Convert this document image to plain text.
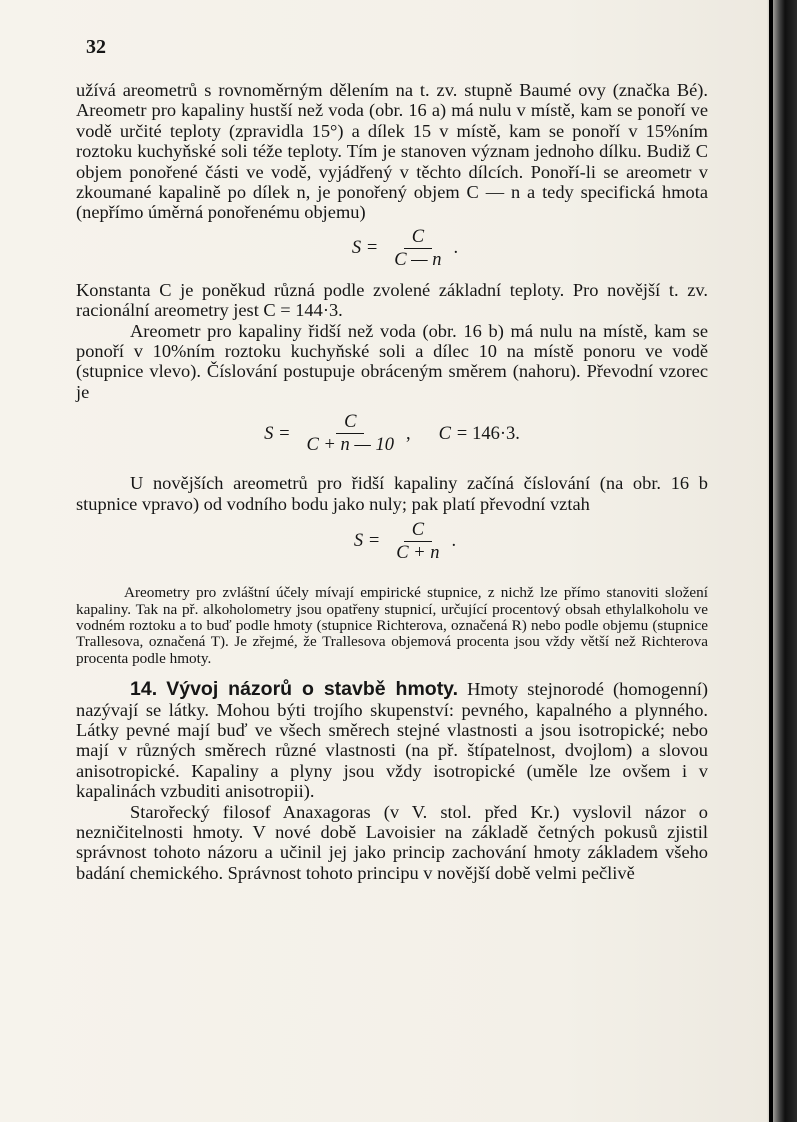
32

užívá areometrů s rovnoměrným dělením na t. zv. stupně Baumé ovy (značka Bé). Areometr pro kapaliny hustší než voda (obr. 16 a) má nulu v místě, kam se ponoří ve vodě určité teploty (zpravidla 15°) a dílek 15 v místě, kam se ponoří v 15%ním roztoku kuchyňské soli téže teploty. Tím je stanoven význam jednoho dílku. Budiž C objem ponořené části ve vodě, vyjádřený v těchto dílcích. Ponoří-li se areometr v zkoumané kapalině po dílek n, je ponořený objem C — n a tedy specifická hmota (nepřímo úměrná ponořenému objemu)

$S = \frac{C}{C — n}$ .

Konstanta C je poněkud různá podle zvolené základní teploty. Pro novější t. zv. racionální areometry jest C = 144·3.

Areometr pro kapaliny řidší než voda (obr. 16 b) má nulu na místě, kam se ponoří v 10%ním roztoku kuchyňské soli a dílec 10 na místě ponoru ve vodě (stupnice vlevo). Číslování postupuje obráceným směrem (nahoru). Převodní vzorec je

$S = \frac{C}{C + n — 10}$ , C = 146·3.

U novějších areometrů pro řidší kapaliny začíná číslování (na obr. 16 b stupnice vpravo) od vodního bodu jako nuly; pak platí převodní vztah

$S = \frac{C}{C + n}$ .

Areometry pro zvláštní účely mívají empirické stupnice, z nichž lze přímo stanoviti složení kapaliny. Tak na př. alkoholometry jsou opatřeny stupnicí, určující procentový obsah ethylalkoholu ve vodném roztoku a to buď podle hmoty (stupnice Richterova, označená R) nebo podle objemu (stupnice Trallesova, označená T). Je zřejmé, že Trallesova objemová procenta jsou vždy větší než Richterova procenta podle hmoty.

14. Vývoj názorů o stavbě hmoty. Hmoty stejnorodé (homogenní) nazývají se látky. Mohou býti trojího skupenství: pevného, kapalného a plynného. Látky pevné mají buď ve všech směrech stejné vlastnosti a jsou isotropické; nebo mají v různých směrech různé vlastnosti (na př. štípatelnost, dvojlom) a slovou anisotropické. Kapaliny a plyny jsou vždy isotropické (uměle lze ovšem i v kapalinách vzbuditi anisotropii).

Starořecký filosof Anaxagoras (v V. stol. před Kr.) vyslovil názor o nezničitelnosti hmoty. V nové době Lavoisier na základě četných pokusů zjistil správnost tohoto názoru a učinil jej jako princip zachování hmoty základem všeho badání chemického. Správnost tohoto principu v novější době velmi pečlivě
